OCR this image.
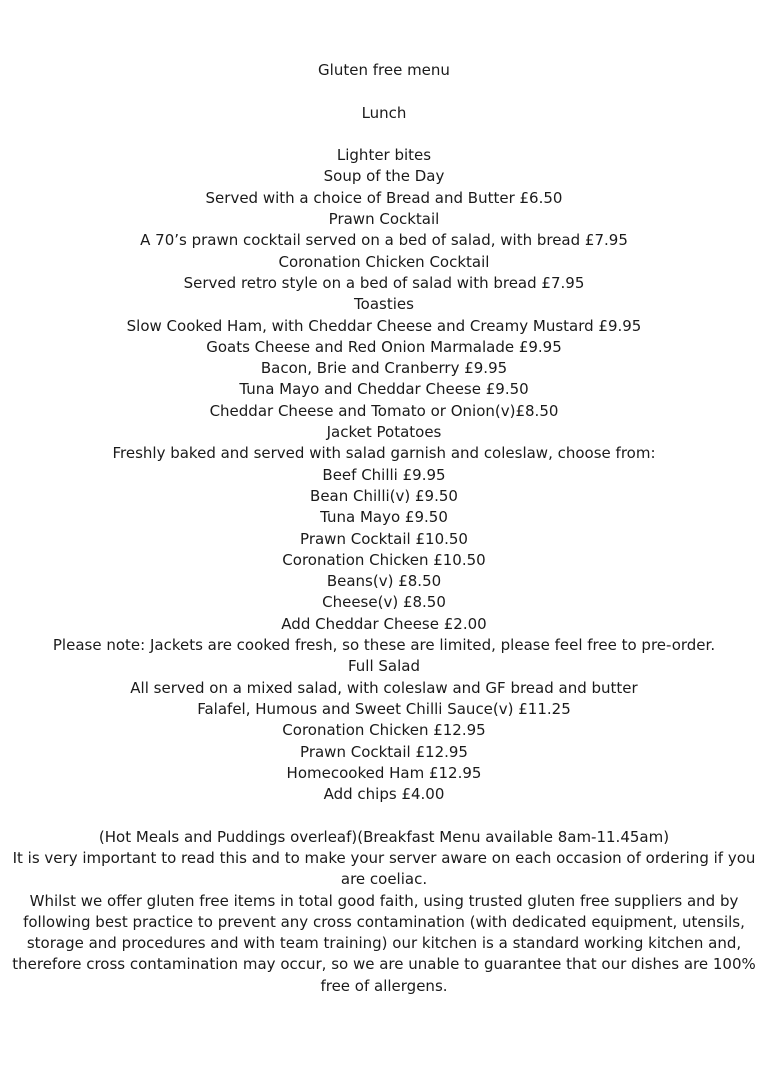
Gluten free menu
Lunch
Lighter bites
Soup of the Day
Served with a choice of Bread and Butter £6.50
Prawn Cocktail
A 70’s prawn cocktail served on a bed of salad, with bread £7.95
Coronation Chicken Cocktail
Served retro style on a bed of salad with bread £7.95
Toasties
Slow Cooked Ham, with Cheddar Cheese and Creamy Mustard £9.95
Goats Cheese and Red Onion Marmalade £9.95
Bacon, Brie and Cranberry £9.95
Tuna Mayo and Cheddar Cheese £9.50
Cheddar Cheese and Tomato or Onion(v)£8.50
Jacket Potatoes
Freshly baked and served with salad garnish and coleslaw, choose from:
Beef Chilli £9.95
Bean Chilli(v) £9.50
Tuna Mayo £9.50
Prawn Cocktail £10.50
Coronation Chicken £10.50
Beans(v) £8.50
Cheese(v) £8.50
Add Cheddar Cheese £2.00
Please note: Jackets are cooked fresh, so these are limited, please feel free to pre-order.
Full Salad
All served on a mixed salad, with coleslaw and GF bread and butter
Falafel, Humous and Sweet Chilli Sauce(v) £11.25
Coronation Chicken £12.95
Prawn Cocktail £12.95
Homecooked Ham £12.95
Add chips £4.00
(Hot Meals and Puddings overleaf)(Breakfast Menu available 8am-11.45am)
It is very important to read this and to make your server aware on each occasion of ordering if you are coeliac.
Whilst we offer gluten free items in total good faith, using trusted gluten free suppliers and by following best practice to prevent any cross contamination (with dedicated equipment, utensils, storage and procedures and with team training) our kitchen is a standard working kitchen and, therefore cross contamination may occur, so we are unable to guarantee that our dishes are 100% free of allergens.
